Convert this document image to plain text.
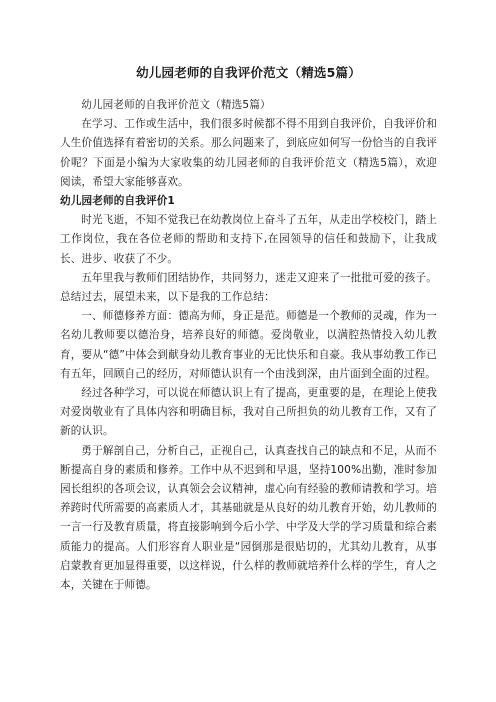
幼儿园老师的自我评价范文（精选5篇）

幼儿园老师的自我评价范文（精选5篇）

在学习、工作或生活中，我们很多时候都不得不用到自我评价，自我评价和人生价值选择有着密切的关系。那么问题来了，到底应如何写一份恰当的自我评价呢？下面是小编为大家收集的幼儿园老师的自我评价范文（精选5篇），欢迎阅读，希望大家能够喜欢。

幼儿园老师的自我评价1

时光飞逝，不知不觉我已在幼教岗位上奋斗了五年，从走出学校校门，踏上工作岗位，我在各位老师的帮助和支持下,在园领导的信任和鼓励下，让我成长、进步、收获了不少。

五年里我与教师们团结协作，共同努力，迷走又迎来了一批批可爱的孩子。总结过去，展望未来，以下是我的工作总结：

一、师德修养方面：德高为师，身正是范。师德是一个教师的灵魂，作为一名幼儿教师要以德治身，培养良好的师德。爱岗敬业，以满腔热情投入幼儿教育，要从“德”中体会到献身幼儿教育事业的无比快乐和自豪。我从事幼教工作已有五年，回顾自己的经历，对师德认识有一个由浅到深，由片面到全面的过程。

经过各种学习，可以说在师德认识上有了提高，更重要的是，在理论上使我对爱岗敬业有了具体内容和明确目标，我对自己所担负的幼儿教育工作，又有了新的认识。

勇于解剖自己，分析自己，正视自己，认真查找自己的缺点和不足，从而不断提高自身的素质和修养。工作中从不迟到和早退，坚持100%出勤，准时参加园长组织的各项会议，认真领会会议精神，虚心向有经验的教师请教和学习。培养跨时代所需要的高素质人才，其基础就是从良好的幼儿教育开始，幼儿教师的一言一行及教育质量，将直接影响到今后小学、中学及大学的学习质量和综合素质能力的提高。人们形容育人职业是“园倒那是很贴切的，尤其幼儿教育，从事启蒙教育更加显得重要，以这样说，什么样的教师就培养什么样的学生，育人之本，关键在于师德。
